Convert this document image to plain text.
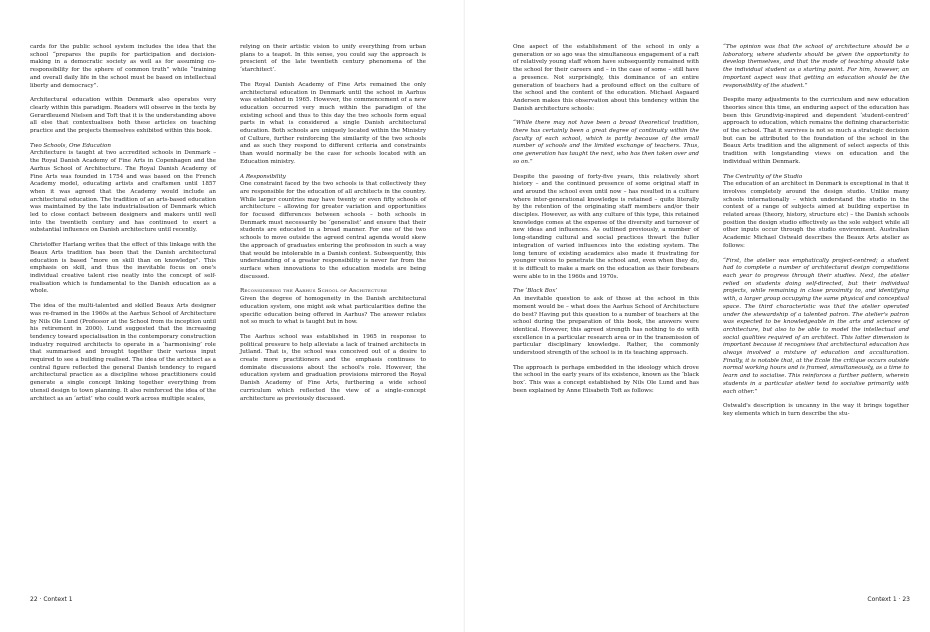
cards for the public school system includes the idea that the school “prepares the pupils for participation and decision-making in a democratic society as well as for assuming co-responsibility for the sphere of common truth” while “training and overall daily life in the school must be based on intellectual liberty and democracy”.

Architectural education within Denmark also operates very clearly within this paradigm. Readers will observe in the texts by Gerardleuend Nielsen and Toft that it is the understanding above all else that contextualises both these articles on teaching practice and the projects themselves exhibited within this book.

Two Schools, One Education

Architecture is taught at two accredited schools in Denmark – the Royal Danish Academy of Fine Arts in Copenhagen and the Aarhus School of Architecture. The Royal Danish Academy of Fine Arts was founded in 1754 and was based on the French Academy model, educating artists and craftsmen until 1857 when it was agreed that the Academy would include an architectural education. The tradition of an arts-based education was maintained by the late industrialisation of Denmark which led to close contact between designers and makers until well into the twentieth century and has continued to exert a substantial influence on Danish architecture until recently.

Christoffer Harlang writes that the effect of this linkage with the Beaux Arts tradition has been that the Danish architectural education is based “more on skill than on knowledge”. This emphasis on skill, and thus the inevitable focus on one's individual creative talent rise neatly into the concept of self-realisation which is fundamental to the Danish education as a whole.

The idea of the multi-talented and skilled Beaux Arts designer was re-framed in the 1960s at the Aarhus School of Architecture by Nils Ole Lund (Professor at the School from its inception until his retirement in 2000). Lund suggested that the increasing tendency toward specialisation in the contemporary construction industry required architects to operate in a ‘harmonising’ role that summarised and brought together their various input required to see a building realised. The idea of the architect as a central figure reflected the general Danish tendency to regard architectural practice as a discipline whose practitioners could generate a single concept linking together everything from utensil design to town planning. It also reinforced the idea of the architect as an ‘artist’ who could work across multiple scales,

relying on their artistic vision to unify everything from urban plans to a teapot. In this sense, you could say the approach is prescient of the late twentieth century phenomena of the ‘starchitect’.

The Royal Danish Academy of Fine Arts remained the only architectural education in Denmark until the school in Aarhus was established in 1965. However, the commencement of a new education occurred very much within the paradigm of the existing school and thus to this day the two schools form equal parts in what is considered a single Danish architectural education. Both schools are uniquely located within the Ministry of Culture, further reinforcing the similarity of the two schools and as such they respond to different criteria and constraints than would normally be the case for schools located with an Education ministry.

A Responsibility

One constraint faced by the two schools is that collectively they are responsible for the education of all architects in the country. While larger countries may have twenty or even fifty schools of architecture – allowing for greater variation and opportunities for focused differences between schools – both schools in Denmark must necessarily be ‘generalist’ and ensure that their students are educated in a broad manner. For one of the two schools to move outside the agreed central agenda would skew the approach of graduates entering the profession in such a way that would be intolerable in a Danish context. Subsequently, this understanding of a greater responsibility is never far from the surface when innovations to the education models are being discussed.

Reconsidering the Aarhus School of Architecture

Given the degree of homogeneity in the Danish architectural education system, one might ask what particularities define the specific education being offered in Aarhus? The answer relates not so much to what is taught but in how.

The Aarhus school was established in 1965 in response to political pressure to help alleviate a lack of trained architects in Jutland. That is, the school was conceived out of a desire to create more practitioners and the emphasis continues to dominate discussions about the school's role. However, the education system and graduation provisions mirrored the Royal Danish Academy of Fine Arts, furthering a wide school curriculum which reflected the view of a single-concept architecture as previously discussed.

22 · Context 1

One aspect of the establishment of the school in only a generation or so ago was the simultaneous engagement of a raft of relatively young staff whom have subsequently remained with the school for their careers and – in the case of some – still have a presence. Not surprisingly, this dominance of an entire generation of teachers had a profound effect on the culture of the school and the content of the education. Michael Asgaard Andersen makes this observation about this tendency within the Danish architecture schools:

“While there may not have been a broad theoretical tradition, there has certainly been a great degree of continuity within the faculty of each school, which is partly because of the small number of schools and the limited exchange of teachers. Thus, one generation has taught the next, who has then taken over and so on.”

Despite the passing of forty-five years, this relatively short history – and the continued presence of some original staff in and around the school even until now – has resulted in a culture where inter-generational knowledge is retained – quite literally by the retention of the originating staff members and/or their disciples. However, as with any culture of this type, this retained knowledge comes at the expense of the diversity and turnover of new ideas and influences. As outlined previously, a number of long-standing cultural and social practices thwart the fuller integration of varied influences into the existing system. The long tenure of existing academics also made it frustrating for younger voices to penetrate the school and, even when they do, it is difficult to make a mark on the education as their forebears were able to in the 1960s and 1970s.

The ‘Black Box’

An inevitable question to ask of those at the school in this moment would be – what does the Aarhus School of Architecture do best? Having put this question to a number of teachers at the school during the preparation of this book, the answers were identical. However, this agreed strength has nothing to do with excellence in a particular research area or in the transmission of particular disciplinary knowledge. Rather, the commonly understood strength of the school is in its teaching approach.

The approach is perhaps embedded in the ideology which drove the school in the early years of its existence, known as the ‘black box’. This was a concept established by Nils Ole Lund and has been explained by Anne Elisabeth Toft as follows:

“The opinion was that the school of architecture should be a laboratory, where students should be given the opportunity to develop themselves, and that the mode of teaching should take the individual student as a starting point. For him, however, an important aspect was that getting an education should be the responsibility of the student.”

Despite many adjustments to the curriculum and new education theories since this time, an enduring aspect of the education has been this Grundtvig-inspired and dependent ‘student-centred’ approach to education, which remains the defining characteristic of the school. That it survives is not so much a strategic decision but can be attributed to the foundation of the school in the Beaux Arts tradition and the alignment of select aspects of this tradition with longstanding views on education and the individual within Denmark.

The Centrality of the Studio

The education of an architect in Denmark is exceptional in that it involves completely around the design studio. Unlike many schools internationally – which understand the studio in the context of a range of subjects aimed at building expertise in related areas (theory, history, structure etc) – the Danish schools position the design studio effectively as the sole subject while all other inputs occur through the studio environment. Australian Academic Michael Ostwald describes the Beaux Arts atelier as follows:

“First, the atelier was emphatically project-centred; a student had to complete a number of architectural design competitions each year to progress through their studies. Next, the atelier relied on students doing self-directed, but their individual projects, while remaining in close proximity to, and identifying with, a larger group occupying the same physical and conceptual space. The third characteristic was that the atelier operated under the stewardship of a talented patron. The atelier's patron was expected to be knowledgeable in the arts and sciences of architecture, but also to be able to model the intellectual and social qualities required of an architect. This latter dimension is important because it recognises that architectural education has always involved a mixture of education and acculturation. Finally, it is notable that, at the Ecole the critique occurs outside normal working hours and is framed, simultaneously, as a time to learn and to socialise. This reinforces a further pattern, wherein students in a particular atelier tend to socialise primarily with each other.”

Ostwald's description is uncanny in the way it brings together key elements which in turn describe the stu-

Context 1 · 23
